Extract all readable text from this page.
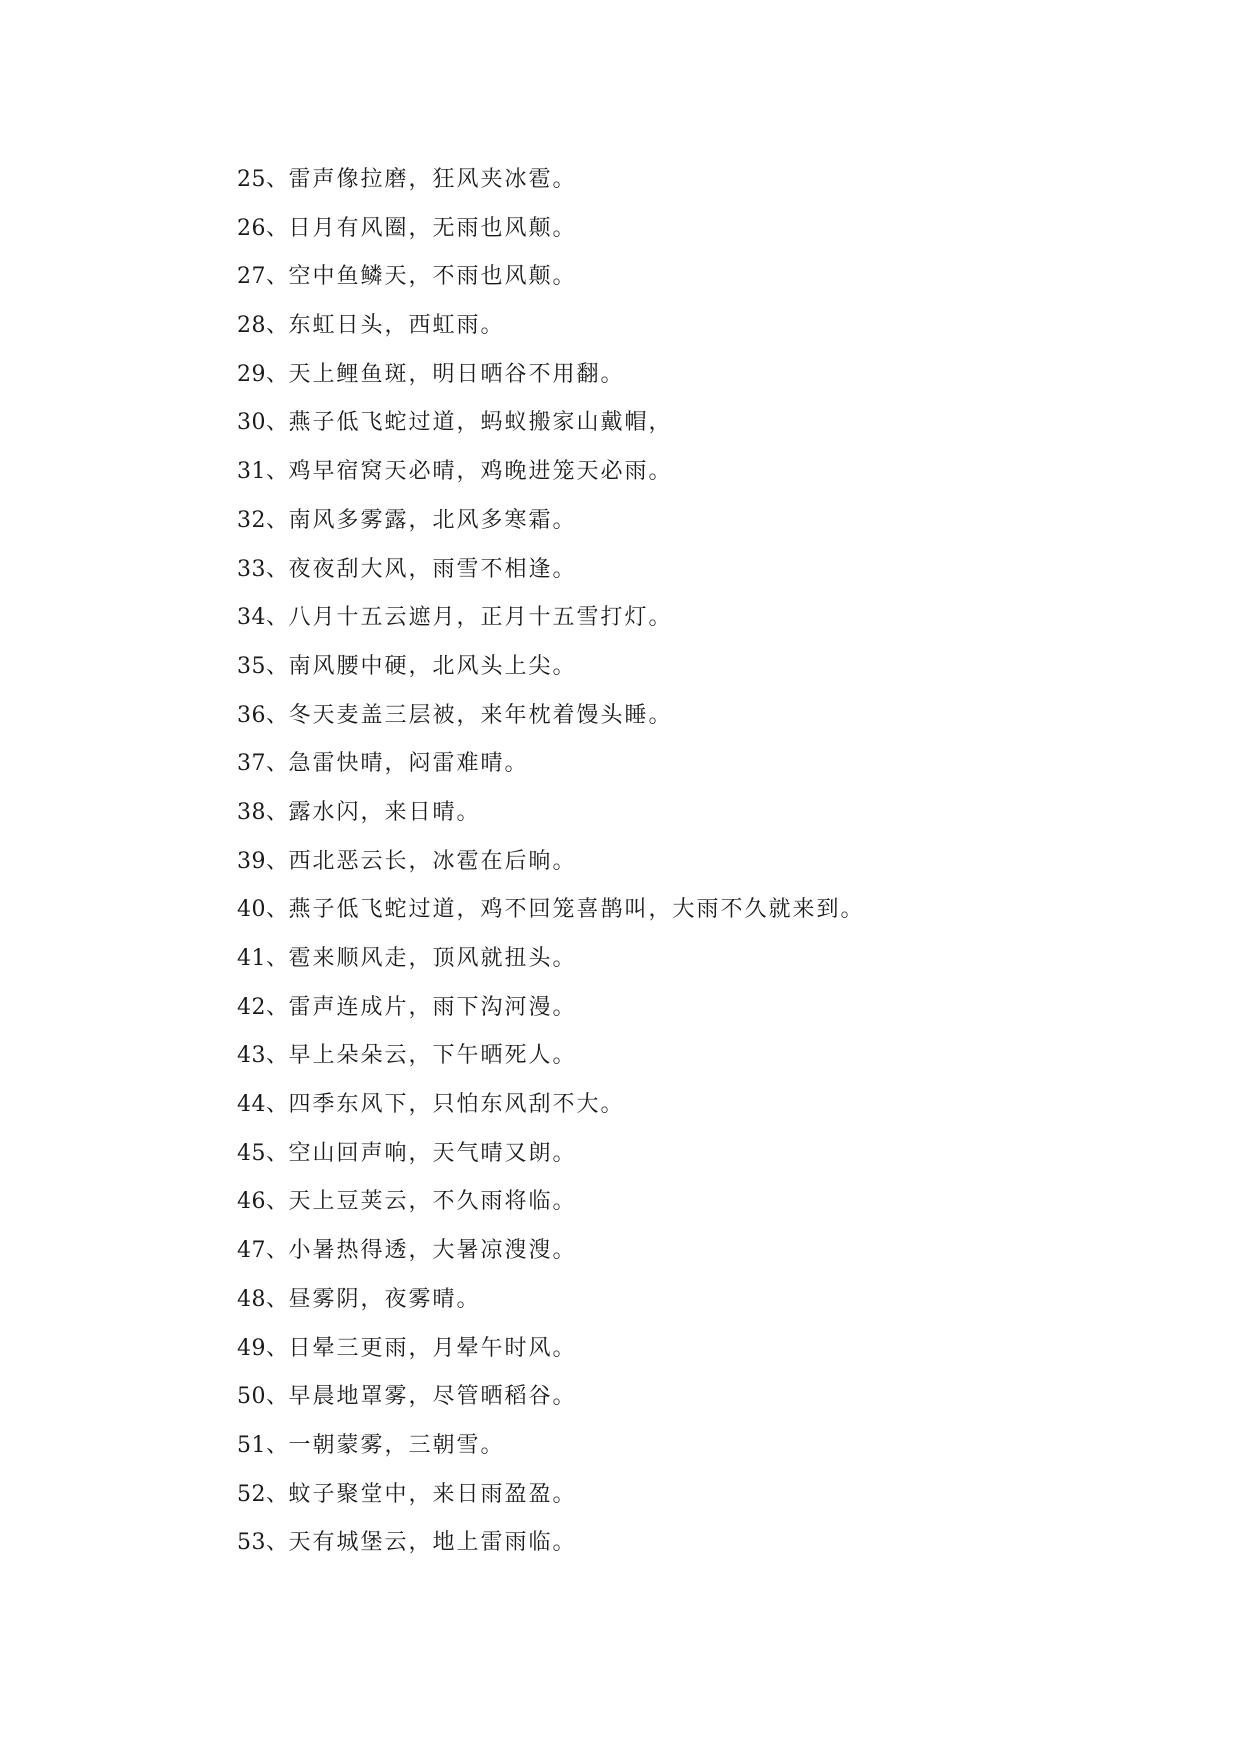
25、 雷声像拉磨，狂风夹冰雹。
26、 日月有风圈，无雨也风颠。
27、 空中鱼鳞天，不雨也风颠。
28、 东虹日头，西虹雨。
29、 天上鲤鱼斑，明日晒谷不用翻。
30、 燕子低飞蛇过道，蚂蚁搬家山戴帽，
31、 鸡早宿窝天必晴，鸡晚进笼天必雨。
32、 南风多雾露，北风多寒霜。
33、 夜夜刮大风，雨雪不相逢。
34、 八月十五云遮月，正月十五雪打灯。
35、 南风腰中硬，北风头上尖。
36、 冬天麦盖三层被，来年枕着馒头睡。
37、 急雷快晴，闷雷难晴。
38、 露水闪，来日晴。
39、 西北恶云长，冰雹在后晌。
40、 燕子低飞蛇过道，鸡不回笼喜鹊叫，大雨不久就来到。
41、 雹来顺风走，顶风就扭头。
42、 雷声连成片，雨下沟河漫。
43、 早上朵朵云，下午晒死人。
44、 四季东风下，只怕东风刮不大。
45、 空山回声响，天气晴又朗。
46、 天上豆荚云，不久雨将临。
47、 小暑热得透，大暑凉溲溲。
48、 昼雾阴，夜雾晴。
49、 日晕三更雨，月晕午时风。
50、 早晨地罩雾，尽管晒稻谷。
51、 一朝蒙雾，三朝雪。
52、 蚊子聚堂中，来日雨盈盈。
53、 天有城堡云，地上雷雨临。
